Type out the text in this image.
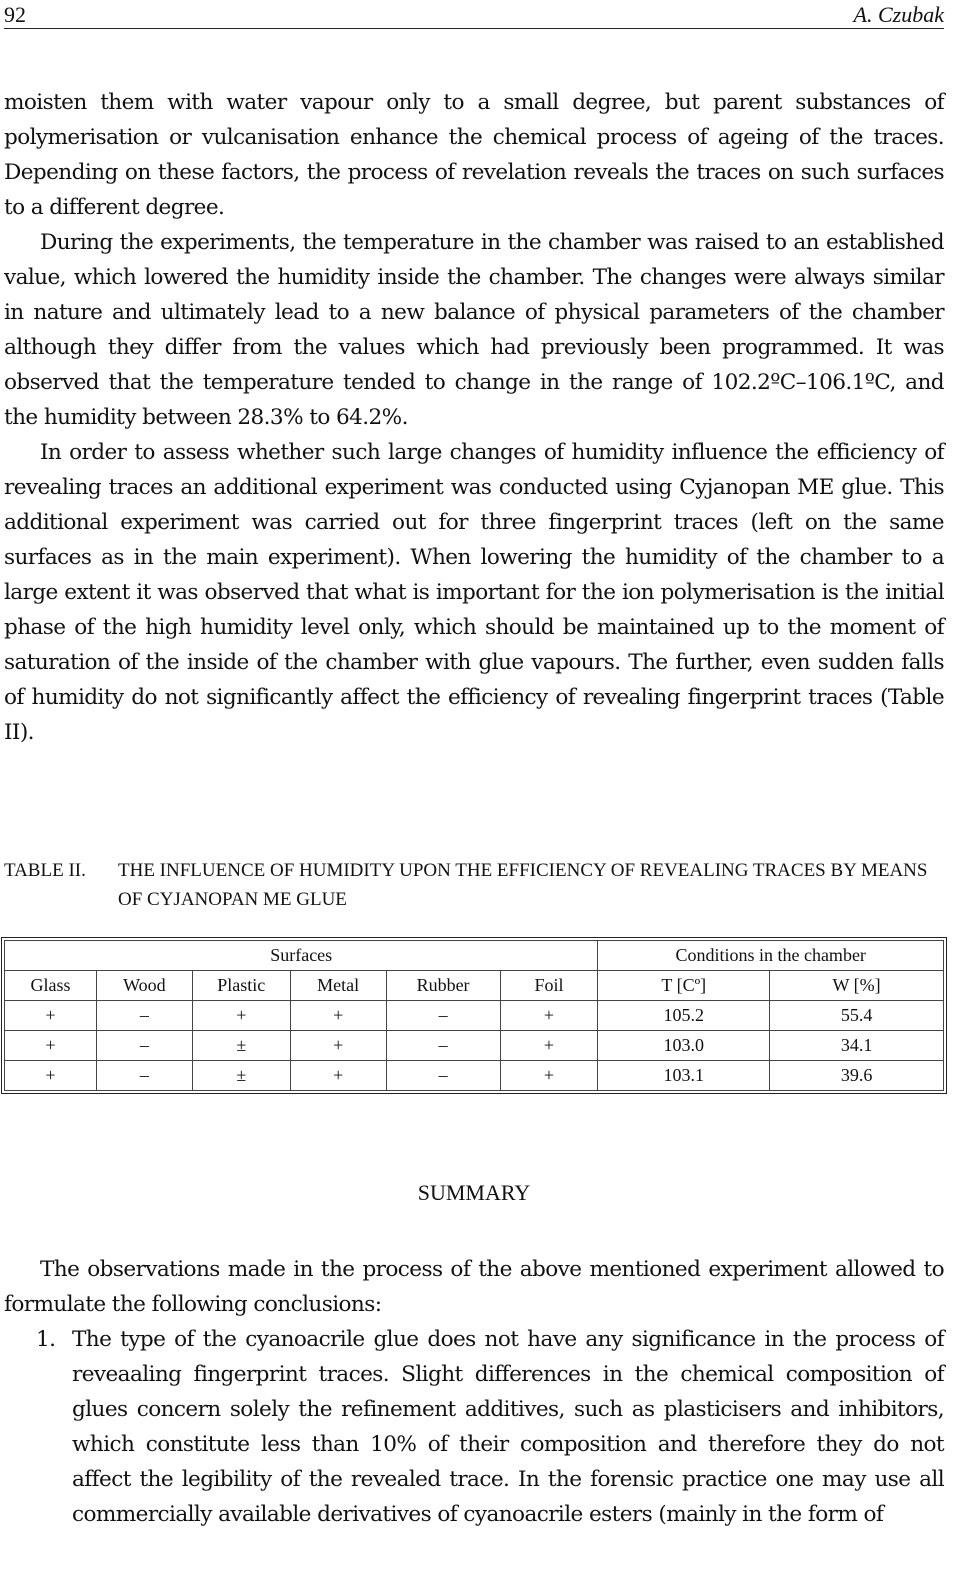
92	A. Czubak

moisten them with water vapour only to a small degree, but parent substances of polymerisation or vulcanisation enhance the chemical process of ageing of the traces. Depending on these factors, the process of revelation reveals the traces on such surfaces to a different degree.

During the experiments, the temperature in the chamber was raised to an established value, which lowered the humidity inside the chamber. The changes were always similar in nature and ultimately lead to a new balance of physical parameters of the chamber although they differ from the values which had previously been programmed. It was observed that the temperature tended to change in the range of 102.2ºC–106.1ºC, and the humidity between 28.3% to 64.2%.

In order to assess whether such large changes of humidity influence the efficiency of revealing traces an additional experiment was conducted using Cyjanopan ME glue. This additional experiment was carried out for three fingerprint traces (left on the same surfaces as in the main experiment). When lowering the humidity of the chamber to a large extent it was observed that what is important for the ion polymerisation is the initial phase of the high humidity level only, which should be maintained up to the moment of saturation of the inside of the chamber with glue vapours. The further, even sudden falls of humidity do not significantly affect the efficiency of revealing fingerprint traces (Table II).

TABLE II. THE INFLUENCE OF HUMIDITY UPON THE EFFICIENCY OF REVEALING TRACES BY MEANS OF CYJANOPAN ME GLUE
Surfaces						Conditions in the chamber	
Glass	Wood	Plastic	Metal	Rubber	Foil	T [Cº]	W [%]
+	–	+	+	–	+	105.2	55.4
+	–	±	+	–	+	103.0	34.1
+	–	±	+	–	+	103.1	39.6
SUMMARY

The observations made in the process of the above mentioned experiment allowed to formulate the following conclusions:

1. The type of the cyanoacrile glue does not have any significance in the process of reveaaling fingerprint traces. Slight differences in the chemical composition of glues concern solely the refinement additives, such as plasticisers and inhibitors, which constitute less than 10% of their composition and therefore they do not affect the legibility of the revealed trace. In the forensic practice one may use all commercially available derivatives of cyanoacrile esters (mainly in the form of
